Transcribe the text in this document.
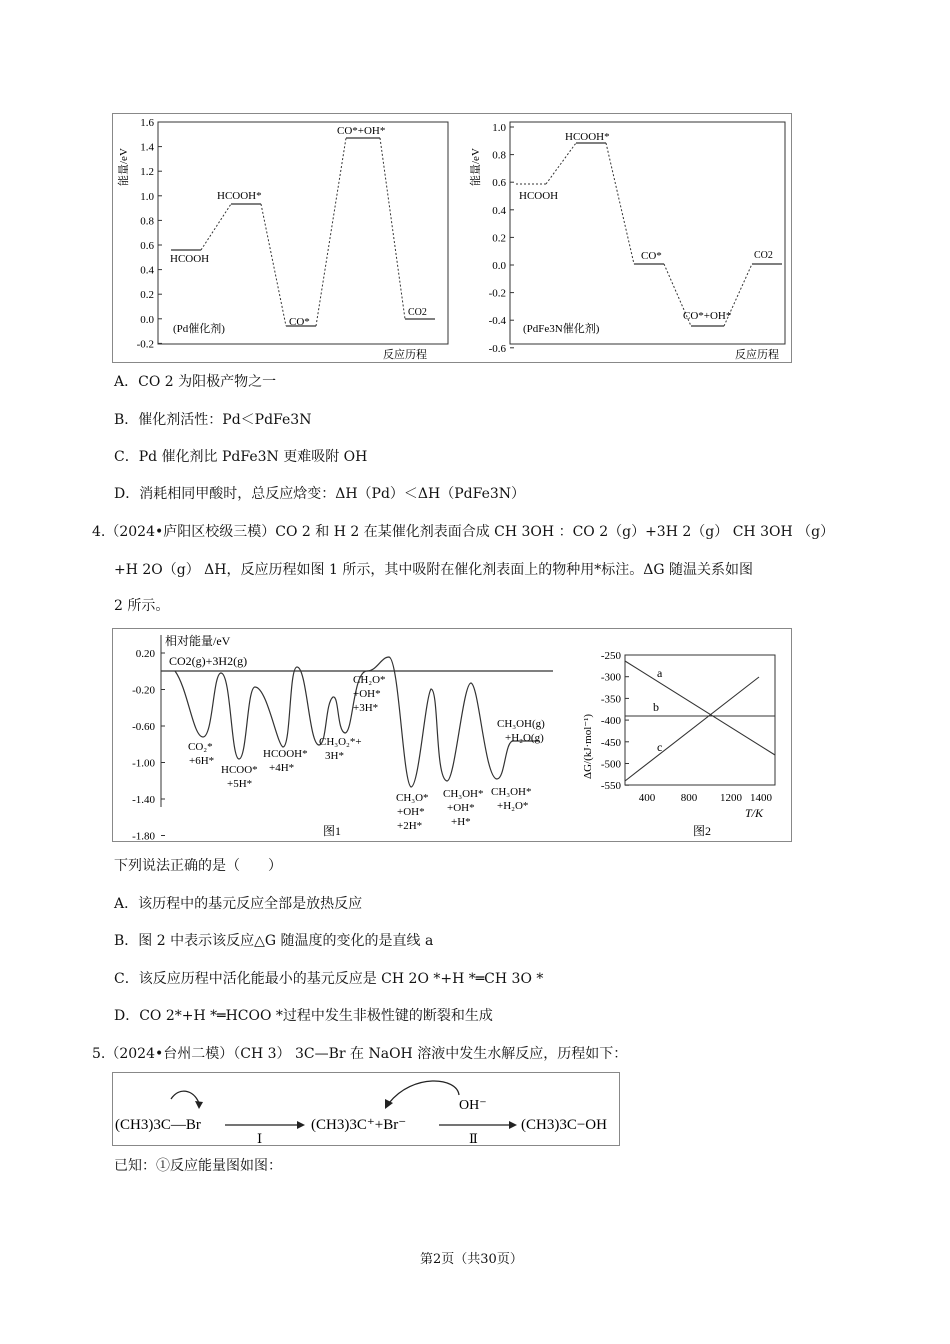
能量/eV
1.6
1.4
1.2
1.0
0.8
0.6
0.4
0.2
0.0
-0.2
HCOOH
HCOOH*
CO*
CO*+OH*
CO2
(Pd催化剂)
能量/eV
1.0
0.8
0.6
0.4
0.2
0.0
-0.2
-0.4
-0.6
HCOOH
HCOOH*
CO*
CO*+OH*
CO2
(PdFe3N催化剂)
反应历程	反应历程
A．CO 2 为阳极产物之一
B．催化剂活性：Pd＜PdFe3N
C．Pd 催化剂比 PdFe3N 更难吸附 OH
D．消耗相同甲酸时，总反应焓变：ΔH（Pd）＜ΔH（PdFe3N）
4.（2024•庐阳区校级三模）CO 2 和 H 2 在某催化剂表面合成 CH 3OH ：CO 2（g）+3H 2（g） CH 3OH （g）
+H 2O（g） ΔH，反应历程如图 1 所示，其中吸附在催化剂表面上的物种用*标注。ΔG 随温关系如图
2 所示。
相对能量/eV
0.20
-0.20
-0.60
-1.00
-1.40
-1.80
CO2(g)+3H2(g)
CO₂* +6H*
HCOO* +5H*
HCOOH* +4H*
CH₃O₂*+ 3H*
CH₂O* +OH* +3H*
CH₃O* +OH* +2H*
CH₃OH* +OH* +H*
CH₃OH* +H₂O*
CH₃OH(g) +H₂O(g)
图1
ΔG/(kJ·mol⁻¹)
-250
-300
-350
-400
-450
-500
-550
400 800 1200 1400
a
b
c
T/K
图2
下列说法正确的是（　　）
A．该历程中的基元反应全部是放热反应
B．图 2 中表示该反应△G 随温度的变化的是直线 a
C．该反应历程中活化能最小的基元反应是 CH 2O *+H *═CH 3O *
D．CO 2*+H *═HCOO *过程中发生非极性键的断裂和生成
5.（2024•台州二模）（CH 3） 3C—Br 在 NaOH 溶液中发生水解反应，历程如下：
(CH3)3C—Br
Ⅰ
(CH3)3C⁺+Br⁻
OH⁻
Ⅱ
(CH3)3C−OH
已知：①反应能量图如图：
第2页（共30页）
